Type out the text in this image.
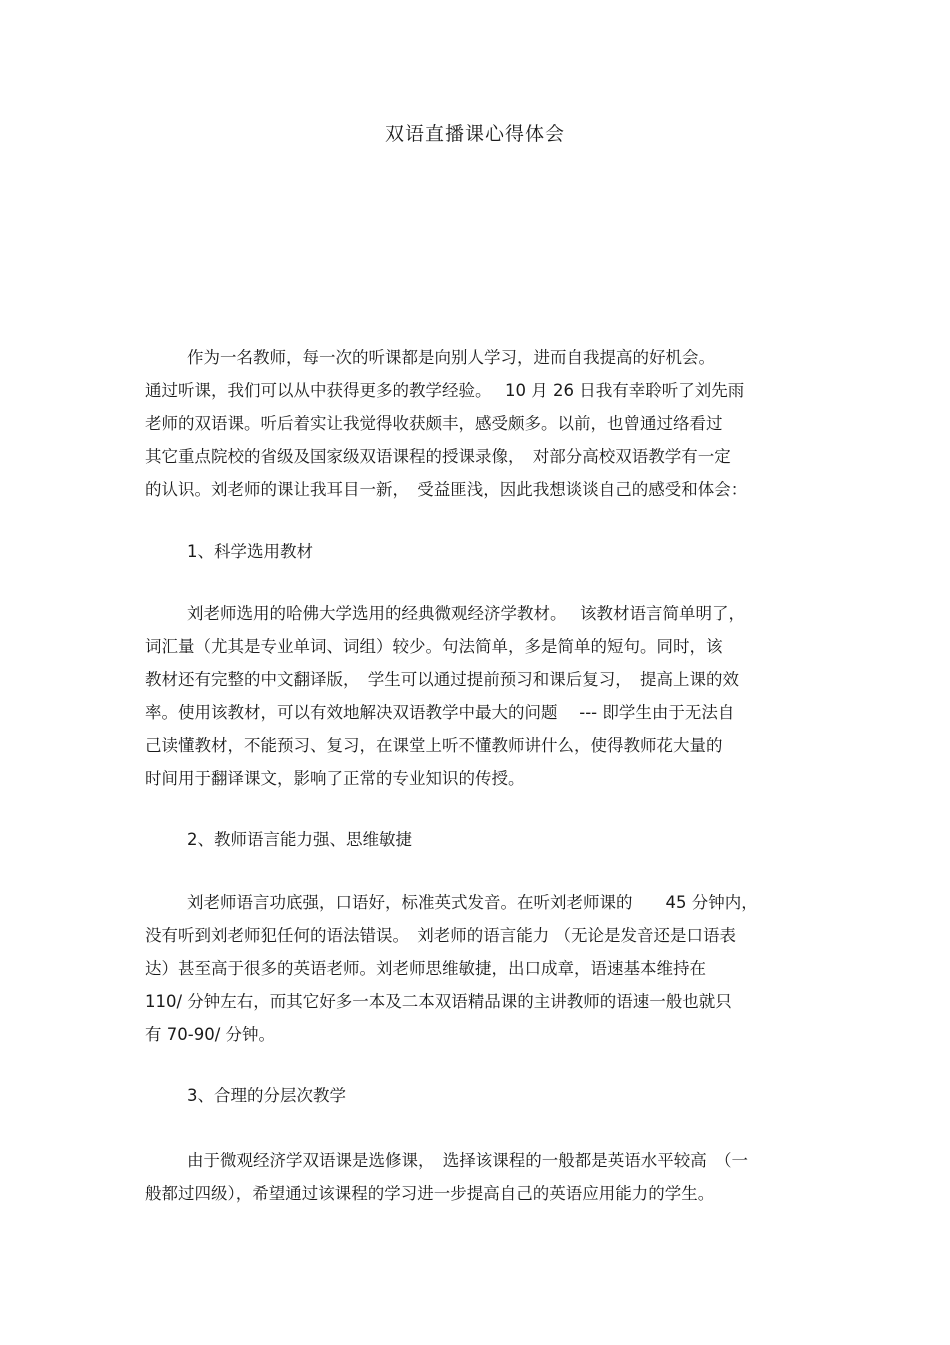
双语直播课心得体会
作为一名教师，每一次的听课都是向别人学习，进而自我提高的好机会。
通过听课，我们可以从中获得更多的教学经验。　 10 月 26 日我有幸聆听了刘先雨
老师的双语课。听后着实让我觉得收获颇丰，感受颇多。以前，也曾通过络看过
其它重点院校的省级及国家级双语课程的授课录像，　对部分高校双语教学有一定
的认识。刘老师的课让我耳目一新，　受益匪浅，因此我想谈谈自己的感受和体会：
1、科学选用教材
刘老师选用的哈佛大学选用的经典微观经济学教材。　 该教材语言简单明了，
词汇量（尤其是专业单词、词组）较少。句法简单，多是简单的短句。同时，该
教材还有完整的中文翻译版，　学生可以通过提前预习和课后复习，　提高上课的效
率。使用该教材，可以有效地解决双语教学中最大的问题　 --- 即学生由于无法自
己读懂教材，不能预习、复习，在课堂上听不懂教师讲什么，使得教师花大量的
时间用于翻译课文，影响了正常的专业知识的传授。
2、教师语言能力强、思维敏捷
刘老师语言功底强，口语好，标准英式发音。在听刘老师课的　　45 分钟内，
没有听到刘老师犯任何的语法错误。　刘老师的语言能力 （无论是发音还是口语表
达）甚至高于很多的英语老师。刘老师思维敏捷，出口成章，语速基本维持在
110/ 分钟左右，而其它好多一本及二本双语精品课的主讲教师的语速一般也就只
有 70-90/ 分钟。
3、合理的分层次教学
由于微观经济学双语课是选修课，　选择该课程的一般都是英语水平较高　（一
般都过四级），希望通过该课程的学习进一步提高自己的英语应用能力的学生。
